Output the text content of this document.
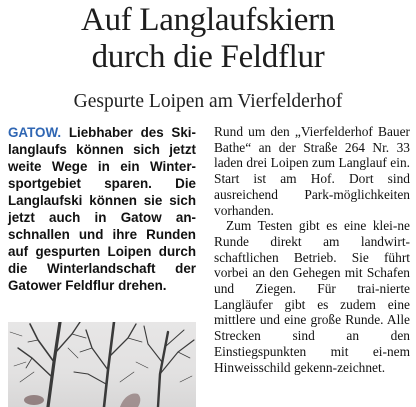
Auf Langlaufskiern
durch die Feldflur
Gespurte Loipen am Vierfelderhof
GATOW. Liebhaber des Ski-langlaufs können sich jetzt weite Wege in ein Winter-sportgebiet sparen. Die Langlaufski können sie sich jetzt auch in Gatow an-schnallen und ihre Runden auf gespurten Loipen durch die Winterlandschaft der Gatower Feldflur drehen.

Rund um den „Vierfelderhof Bauer Bathe“ an der Straße 264 Nr. 33 laden drei Loipen zum Langlauf ein. Start ist am Hof. Dort sind ausreichend Park-möglichkeiten vorhanden.

Zum Testen gibt es eine klei-ne Runde direkt am landwirt-schaftlichen Betrieb. Sie führt vorbei an den Gehegen mit Schafen und Ziegen. Für trai-nierte Langläufer gibt es zudem eine mittlere und eine große Runde. Alle Strecken sind an den Einstiegspunkten mit ei-nem Hinweisschild gekenn-zeichnet.
